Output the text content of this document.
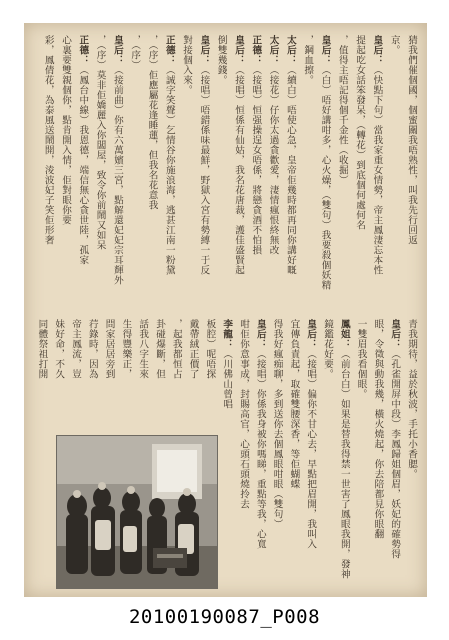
猜我們催個國，個蜜關我唔熟性，叫我先行回返
京。
皇后：（快點下句）當我家重女情勢，帝主鳳淒忘本性
提起吃女話笨發呆，（轉花）到底個何處何名
，值得主唔記得個千金性（收掘）
皇后：（白）唔好講咁多，心火燥，（雙句）我要殺個妖精
，鋼血擦。
太后：（續白）唔使心急，皇帝佢幾時都再同你講好嘅
太后：（接花）仔你太過貪歡愛，淒情瘋恨終無改
正德：（接唱）恒强操逞女唔係，將戀貪酒不怕損
皇后：（接唱）恒係有仙姑，我名花唐裁，護佳盛賢起
倒雙幾錢。
皇后：（接唱）唔錯係味最鮮，野獄入宮有勢縛一于反
對接個入來。
正德：（誠字笑聲）乞情谷你施浪海，逃甚江南一粉黛
，（序）佢應屬花逢睡蓮，但我名花意我
，（序）
皇后：（接前曲）你有六萬嬪三宮，點解還妃妃宗耳輝外
，（序）莫非佢嬌麗入你闆屋，致令你前鬧又如呆
正德：（鳳台中線）我恩德，端信無心貪世陸，孤家
心裏要雙親個你，點肯開入情，佢對眼你要
彩，鳳倩花，為泰風送鬧開，淩波妃子笑佢形奢
青我期待，益於秋波，手托小香腮。
皇后：（孔雀開屏中段）李鳳歸姐個眉，妖妃的確勢得
眼，令徵與動我幾，橫火燒起，你去陪都見你眼翻
一雙眉我看個眼。
鳳姐：（前台白）如果是替我得禁一世害了鳳眼我開，發神
鏡鑑花好要。
皇后：（接唱）偏你不甘心去，早點把眉開，我叫入
宜傳負責起，取確雙腰深香，等佢蝴蝶
得我好瘋痴聊，多到送你去個鳳眼咁眼（雙句）
皇后：（接唱）你係我身被你嗎睇，重點等我，心寬
咁佢你意事成，封賜高官，心頭石頭燒拎去
李龍：（川佛山曾唱
板腔）呢唔探
戴帶絨正價了
，起我都恒占
卦碰爆斷，但
話我八字生來
生得豐樂正，
問家居居旁到
荇錄時，因為
帝主鳳流，豈
妹好命，不久
同體祭祖打開
20100190087_P008
